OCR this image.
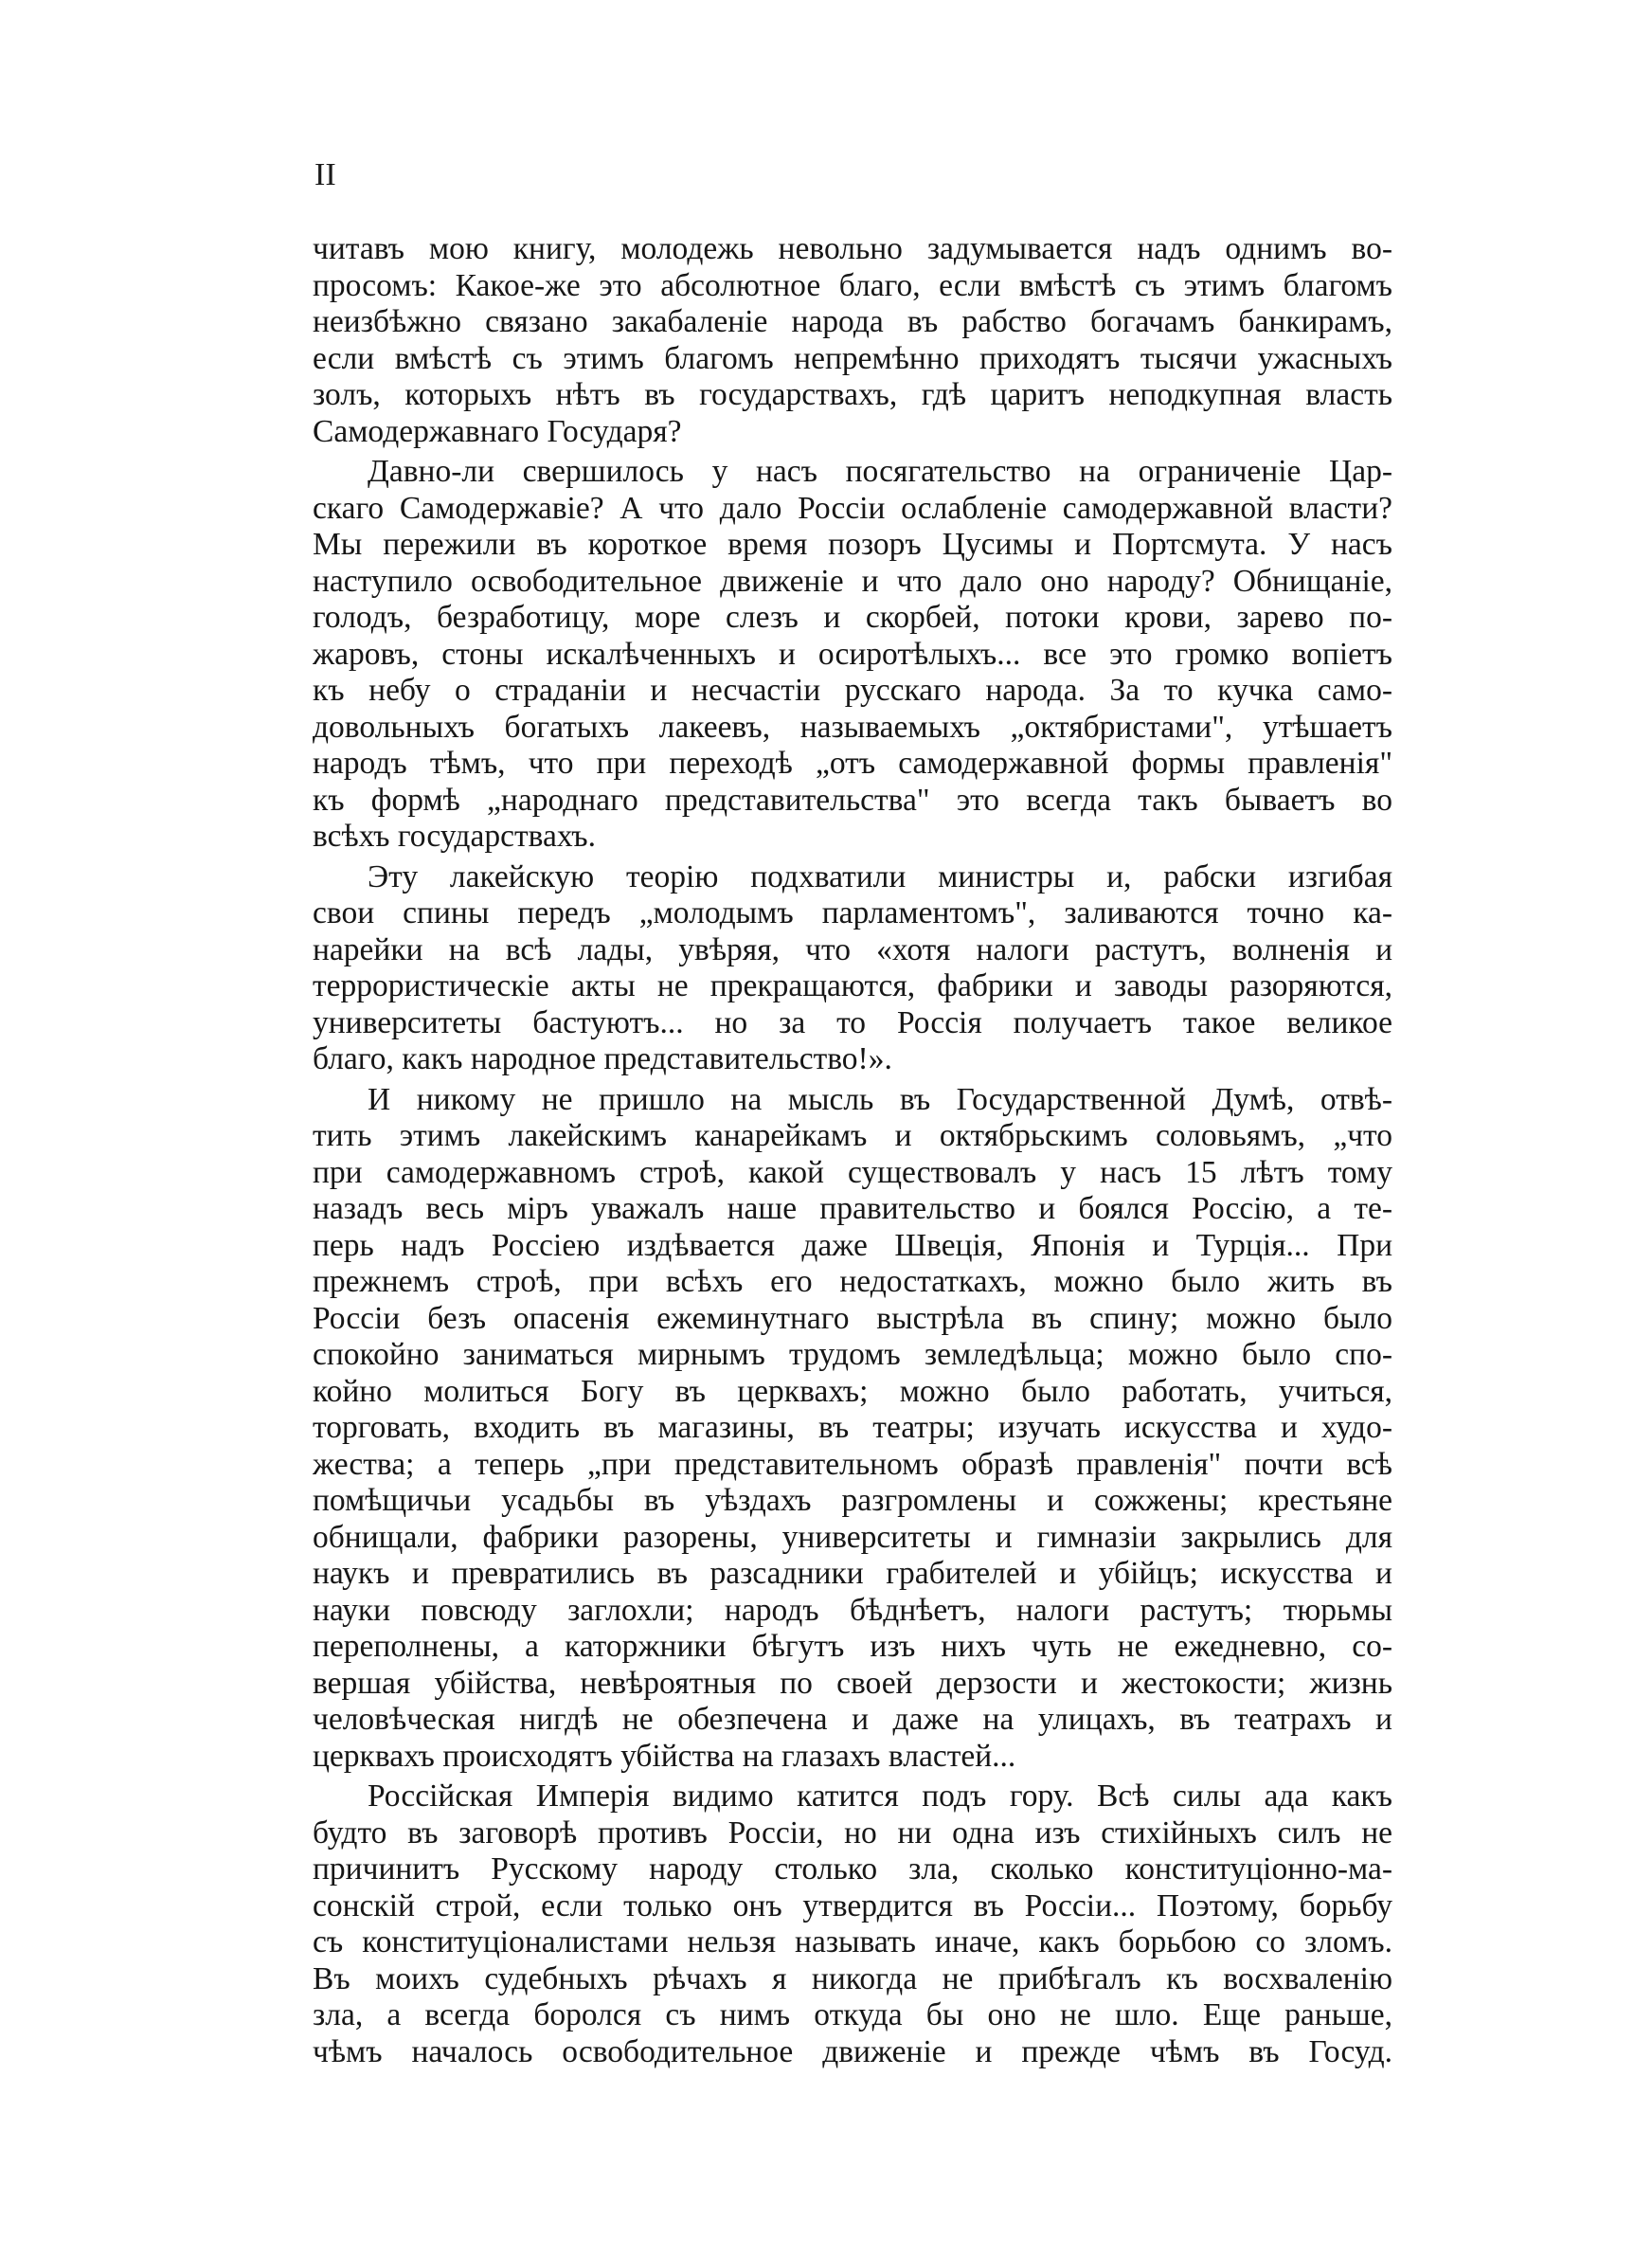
II
читавъ мою книгу, молодежь невольно задумывается надъ однимъ во-
просомъ: Какое-же это абсолютное благо, если вмѣстѣ съ этимъ благомъ
неизбѣжно связано закабаленіе народа въ рабство богачамъ банкирамъ,
если вмѣстѣ съ этимъ благомъ непремѣнно приходятъ тысячи ужасныхъ
золъ, которыхъ нѣтъ въ государствахъ, гдѣ царитъ неподкупная власть
Самодержавнаго Государя?
Давно-ли свершилось у насъ посягательство на ограниченіе Цар-
скаго Самодержавіе? А что дало Россіи ослабленіе самодержавной власти?
Мы пережили въ короткое время позоръ Цусимы и Портсмута. У насъ
наступило освободительное движеніе и что дало оно народу? Обнищаніе,
голодъ, безработицу, море слезъ и скорбей, потоки крови, зарево по-
жаровъ, стоны искалѣченныхъ и осиротѣлыхъ... все это громко вопіетъ
къ небу о страданіи и несчастіи русскаго народа. За то кучка само-
довольныхъ богатыхъ лакеевъ, называемыхъ „октябристами", утѣшаетъ
народъ тѣмъ, что при переходѣ „отъ самодержавной формы правленія"
къ формѣ „народнаго представительства" это всегда такъ бываетъ во
всѣхъ государствахъ.
Эту лакейскую теорію подхватили министры и, рабски изгибая
свои спины передъ „молодымъ парламентомъ", заливаются точно ка-
нарейки на всѣ лады, увѣряя, что «хотя налоги растутъ, волненія и
террористическіе акты не прекращаются, фабрики и заводы разоряются,
университеты бастуютъ... но за то Россія получаетъ такое великое
благо, какъ народное представительство!».
И никому не пришло на мысль въ Государственной Думѣ, отвѣ-
тить этимъ лакейскимъ канарейкамъ и октябрьскимъ соловьямъ, „что
при самодержавномъ строѣ, какой существовалъ у насъ 15 лѣтъ тому
назадъ весь міръ уважалъ наше правительство и боялся Россію, а те-
перь надъ Россіею издѣвается даже Швеція, Японія и Турція... При
прежнемъ строѣ, при всѣхъ его недостаткахъ, можно было жить въ
Россіи безъ опасенія ежеминутнаго выстрѣла въ спину; можно было
спокойно заниматься мирнымъ трудомъ земледѣльца; можно было спо-
койно молиться Богу въ церквахъ; можно было работать, учиться,
торговать, входить въ магазины, въ театры; изучать искусства и худо-
жества; а теперь „при представительномъ образѣ правленія" почти всѣ
помѣщичьи усадьбы въ уѣздахъ разгромлены и сожжены; крестьяне
обнищали, фабрики разорены, университеты и гимназіи закрылись для
наукъ и превратились въ разсадники грабителей и убійцъ; искусства и
науки повсюду заглохли; народъ бѣднѣетъ, налоги растутъ; тюрьмы
переполнены, а каторжники бѣгутъ изъ нихъ чуть не ежедневно, со-
вершая убійства, невѣроятныя по своей дерзости и жестокости; жизнь
человѣческая нигдѣ не обезпечена и даже на улицахъ, въ театрахъ и
церквахъ происходятъ убійства на глазахъ властей...
Россійская Имперія видимо катится подъ гору. Всѣ силы ада какъ
будто въ заговорѣ противъ Россіи, но ни одна изъ стихійныхъ силъ не
причинитъ Русскому народу столько зла, сколько конституціонно-ма-
сонскій строй, если только онъ утвердится въ Россіи... Поэтому, борьбу
съ конституціоналистами нельзя называть иначе, какъ борьбою со зломъ.
Въ моихъ судебныхъ рѣчахъ я никогда не прибѣгалъ къ восхваленію
зла, а всегда боролся съ нимъ откуда бы оно не шло. Еще раньше,
чѣмъ началось освободительное движеніе и прежде чѣмъ въ Госуд.
